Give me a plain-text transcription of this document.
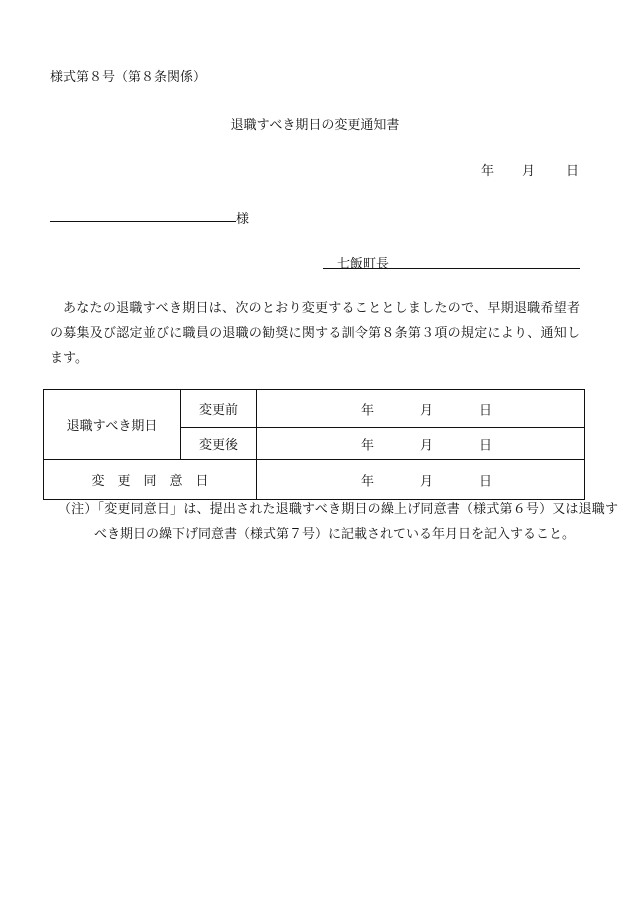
様式第８号（第８条関係）
退職すべき期日の変更通知書
年 月 日
様
七飯町長
あなたの退職すべき期日は、次のとおり変更することとしましたので、早期退職希望者の募集及び認定並びに職員の退職の勧奨に関する訓令第８条第３項の規定により、通知します。
退職すべき期日	変更前	年 月 日

	変更後	年 月 日

変　更　同　意　日		年 月 日
（注）「変更同意日」は、提出された退職すべき期日の繰上げ同意書（様式第６号）又は退職すべき期日の繰下げ同意書（様式第７号）に記載されている年月日を記入すること。
